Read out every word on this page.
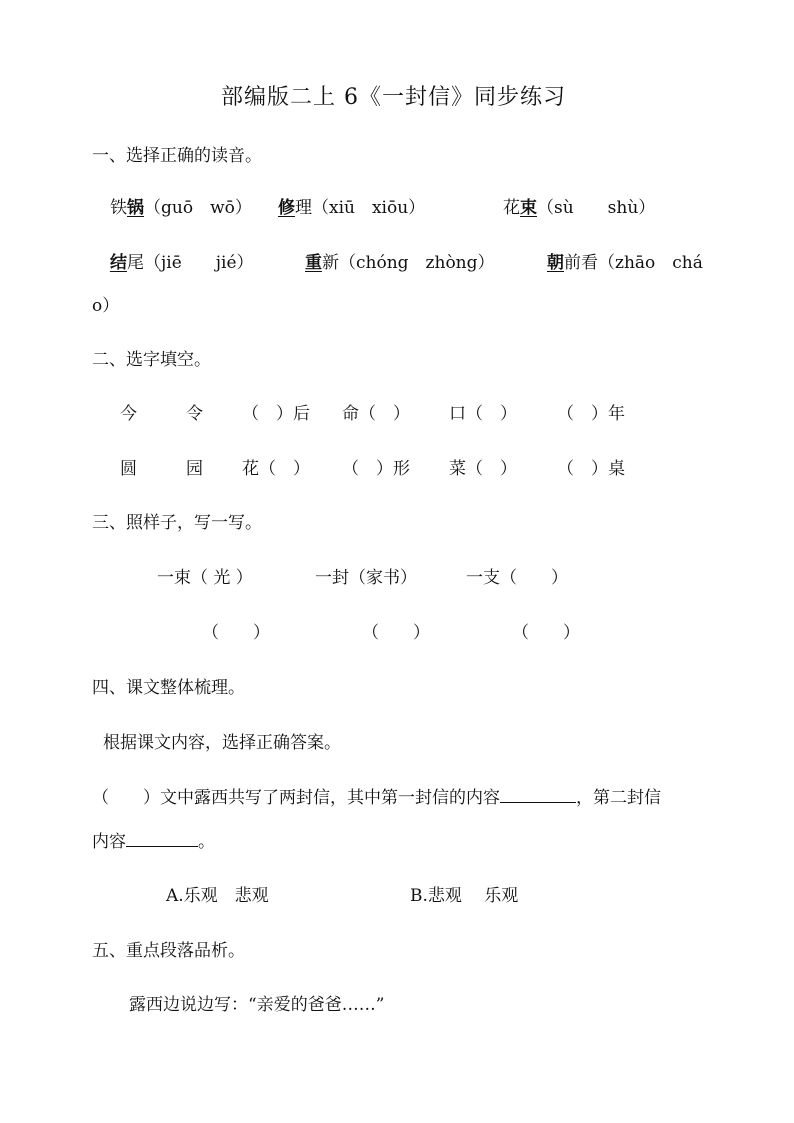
部编版二上 6《一封信》同步练习
一、选择正确的读音。
铁锅（guō　wō） 修理（xiū　xiōu）	花束（sù　　shù）
结尾（jiē　　jié）	重新（chóng　zhòng）	朝前看（zhāo　chá
o）
二、选字填空。
今	令 （　）后 命（　） 口（　） （　）年
圆	园 花（　） （　）形 菜（　） （　）桌
三、照样子，写一写。
一束（ 光 ）	一封（家书）	一支（　　）
（　　）	（　　）	（　　）
四、课文整体梳理。
根据课文内容，选择正确答案。
（　　）文中露西共写了两封信，其中第一封信的内容	，第二封信
内容	。
A.乐观　悲观	B.悲观　 乐观
五、重点段落品析。
露西边说边写：“亲爱的爸爸……”
